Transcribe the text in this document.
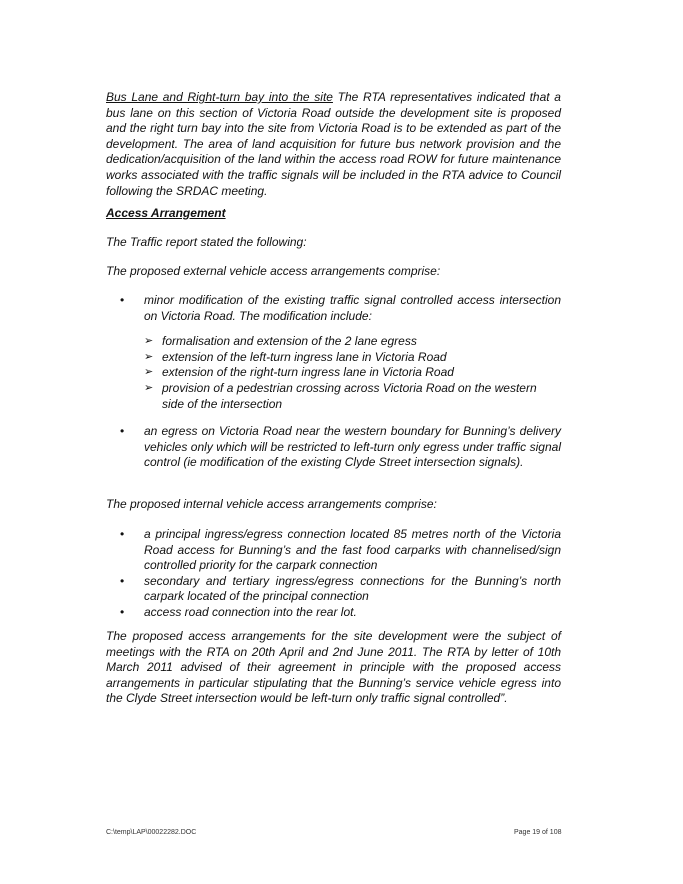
Bus Lane and Right-turn bay into the site The RTA representatives indicated that a bus lane on this section of Victoria Road outside the development site is proposed and the right turn bay into the site from Victoria Road is to be extended as part of the development. The area of land acquisition for future bus network provision and the dedication/acquisition of the land within the access road ROW for future maintenance works associated with the traffic signals will be included in the RTA advice to Council following the SRDAC meeting.

Access Arrangement

The Traffic report stated the following:

The proposed external vehicle access arrangements comprise:

• minor modification of the existing traffic signal controlled access intersection on Victoria Road. The modification include:
➢ formalisation and extension of the 2 lane egress
➢ extension of the left-turn ingress lane in Victoria Road
➢ extension of the right-turn ingress lane in Victoria Road
➢ provision of a pedestrian crossing across Victoria Road on the western side of the intersection
• an egress on Victoria Road near the western boundary for Bunning’s delivery vehicles only which will be restricted to left-turn only egress under traffic signal control (ie modification of the existing Clyde Street intersection signals).

The proposed internal vehicle access arrangements comprise:

• a principal ingress/egress connection located 85 metres north of the Victoria Road access for Bunning’s and the fast food carparks with channelised/sign controlled priority for the carpark connection
• secondary and tertiary ingress/egress connections for the Bunning’s north carpark located of the principal connection
• access road connection into the rear lot.

The proposed access arrangements for the site development were the subject of meetings with the RTA on 20th April and 2nd June 2011. The RTA by letter of 10th March 2011 advised of their agreement in principle with the proposed access arrangements in particular stipulating that the Bunning’s service vehicle egress into the Clyde Street intersection would be left-turn only traffic signal controlled”.

C:\temp\LAP\00022282.DOC	Page 19 of 108
